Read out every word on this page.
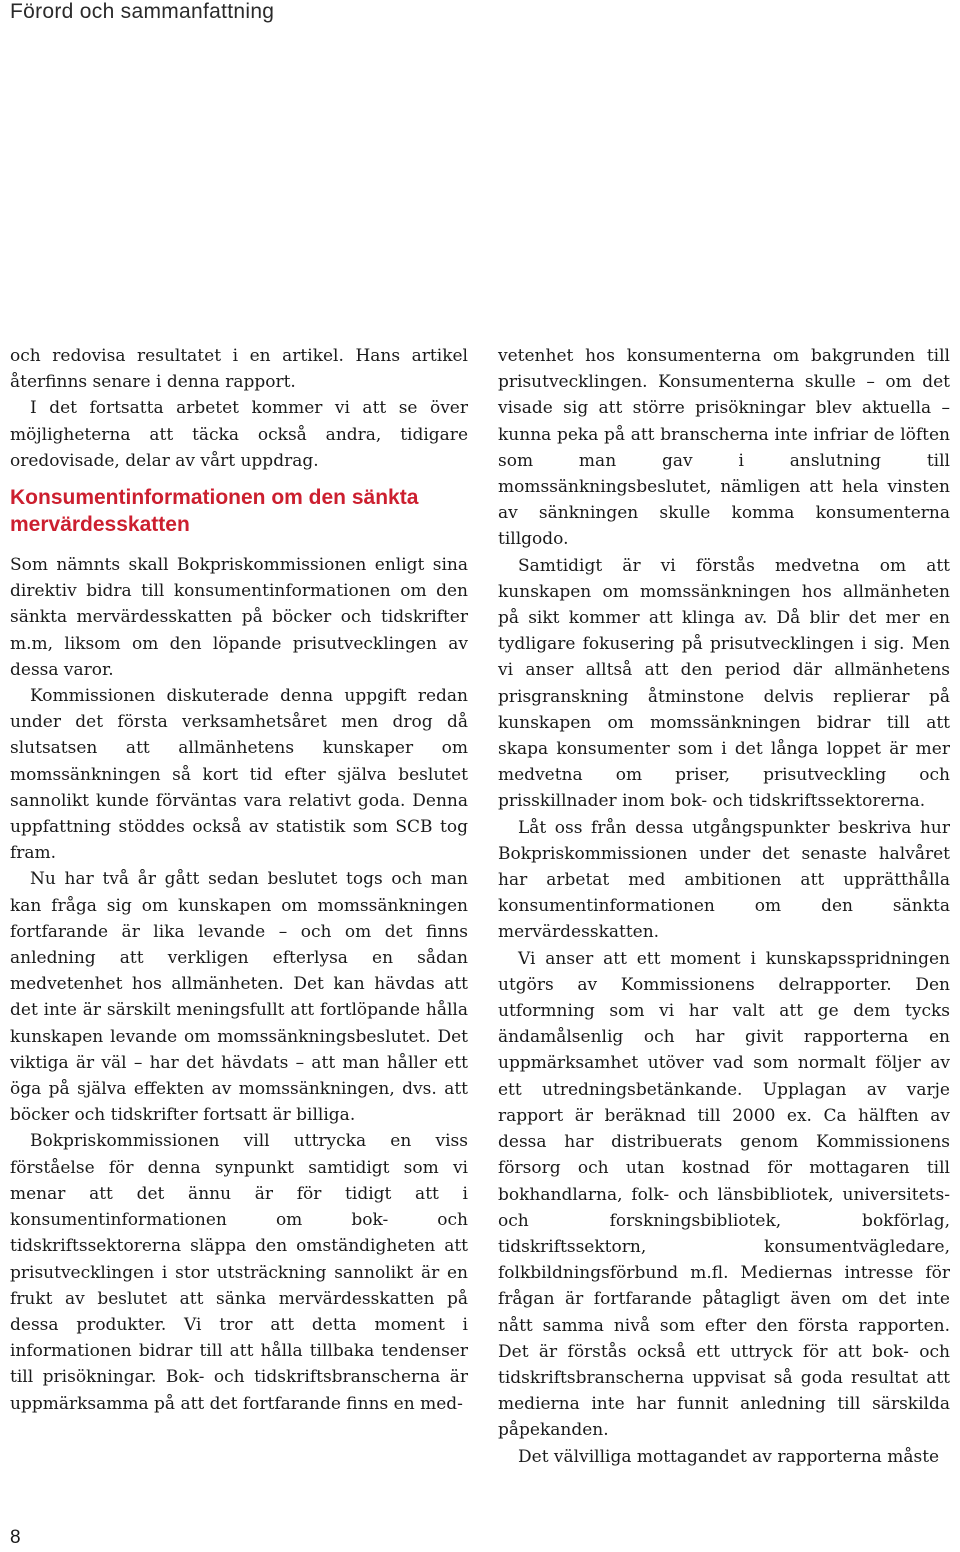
Förord och sammanfattning

och redovisa resultatet i en artikel. Hans artikel återfinns senare i denna rapport.

I det fortsatta arbetet kommer vi att se över möjligheterna att täcka också andra, tidigare oredovisade, delar av vårt uppdrag.

Konsumentinformationen om den sänkta mervärdesskatten

Som nämnts skall Bokpriskommissionen enligt sina direktiv bidra till konsumentinformationen om den sänkta mervärdesskatten på böcker och tidskrifter m.m, liksom om den löpande prisutvecklingen av dessa varor.

Kommissionen diskuterade denna uppgift redan under det första verksamhetsåret men drog då slutsatsen att allmänhetens kunskaper om momssänkningen så kort tid efter själva beslutet sannolikt kunde förväntas vara relativt goda. Denna uppfattning stöddes också av statistik som SCB tog fram.

Nu har två år gått sedan beslutet togs och man kan fråga sig om kunskapen om momssänkningen fortfarande är lika levande – och om det finns anledning att verkligen efterlysa en sådan medvetenhet hos allmänheten. Det kan hävdas att det inte är särskilt meningsfullt att fortlöpande hålla kunskapen levande om momssänkningsbeslutet. Det viktiga är väl – har det hävdats – att man håller ett öga på själva effekten av momssänkningen, dvs. att böcker och tidskrifter fortsatt är billiga.

Bokpriskommissionen vill uttrycka en viss förståelse för denna synpunkt samtidigt som vi menar att det ännu är för tidigt att i konsumentinformationen om bok- och tidskriftssektorerna släppa den omständigheten att prisutvecklingen i stor utsträckning sannolikt är en frukt av beslutet att sänka mervärdesskatten på dessa produkter. Vi tror att detta moment i informationen bidrar till att hålla tillbaka tendenser till prisökningar. Bok- och tidskriftsbranscherna är uppmärksamma på att det fortfarande finns en med-

vetenhet hos konsumenterna om bakgrunden till prisutvecklingen. Konsumenterna skulle – om det visade sig att större prisökningar blev aktuella – kunna peka på att branscherna inte infriar de löften som man gav i anslutning till momssänkningsbeslutet, nämligen att hela vinsten av sänkningen skulle komma konsumenterna tillgodo.

Samtidigt är vi förstås medvetna om att kunskapen om momssänkningen hos allmänheten på sikt kommer att klinga av. Då blir det mer en tydligare fokusering på prisutvecklingen i sig. Men vi anser alltså att den period där allmänhetens prisgranskning åtminstone delvis replierar på kunskapen om momssänkningen bidrar till att skapa konsumenter som i det långa loppet är mer medvetna om priser, prisutveckling och prisskillnader inom bok- och tidskriftssektorerna.

Låt oss från dessa utgångspunkter beskriva hur Bokpriskommissionen under det senaste halvåret har arbetat med ambitionen att upprätthålla konsumentinformationen om den sänkta mervärdesskatten.

Vi anser att ett moment i kunskapsspridningen utgörs av Kommissionens delrapporter. Den utformning som vi har valt att ge dem tycks ändamålsenlig och har givit rapporterna en uppmärksamhet utöver vad som normalt följer av ett utredningsbetänkande. Upplagan av varje rapport är beräknad till 2000 ex. Ca hälften av dessa har distribuerats genom Kommissionens försorg och utan kostnad för mottagaren till bokhandlarna, folk- och länsbibliotek, universitets- och forskningsbibliotek, bokförlag, tidskriftssektorn, konsumentvägledare, folkbildningsförbund m.fl. Mediernas intresse för frågan är fortfarande påtagligt även om det inte nått samma nivå som efter den första rapporten. Det är förstås också ett uttryck för att bok- och tidskriftsbranscherna uppvisat så goda resultat att medierna inte har funnit anledning till särskilda påpekanden.

Det välvilliga mottagandet av rapporterna måste

8
